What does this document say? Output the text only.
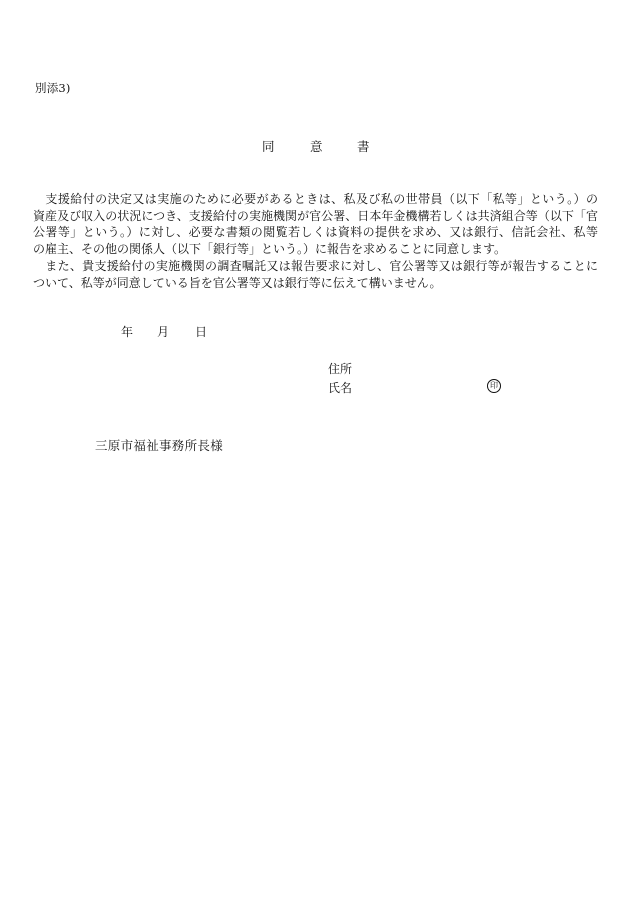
別添3)
同	意	書
　支援給付の決定又は実施のために必要があるときは、私及び私の世帯員（以下「私等」という。）の
資産及び収入の状況につき、支援給付の実施機関が官公署、日本年金機構若しくは共済組合等（以下「官
公署等」という。）に対し、必要な書類の閲覧若しくは資料の提供を求め、又は銀行、信託会社、私等
の雇主、その他の関係人（以下「銀行等」という。）に報告を求めることに同意します。
　また、貴支援給付の実施機関の調査嘱託又は報告要求に対し、官公署等又は銀行等が報告することに
ついて、私等が同意している旨を官公署等又は銀行等に伝えて構いません。
年 月 日
住所
氏名	印
三原市福祉事務所長様
